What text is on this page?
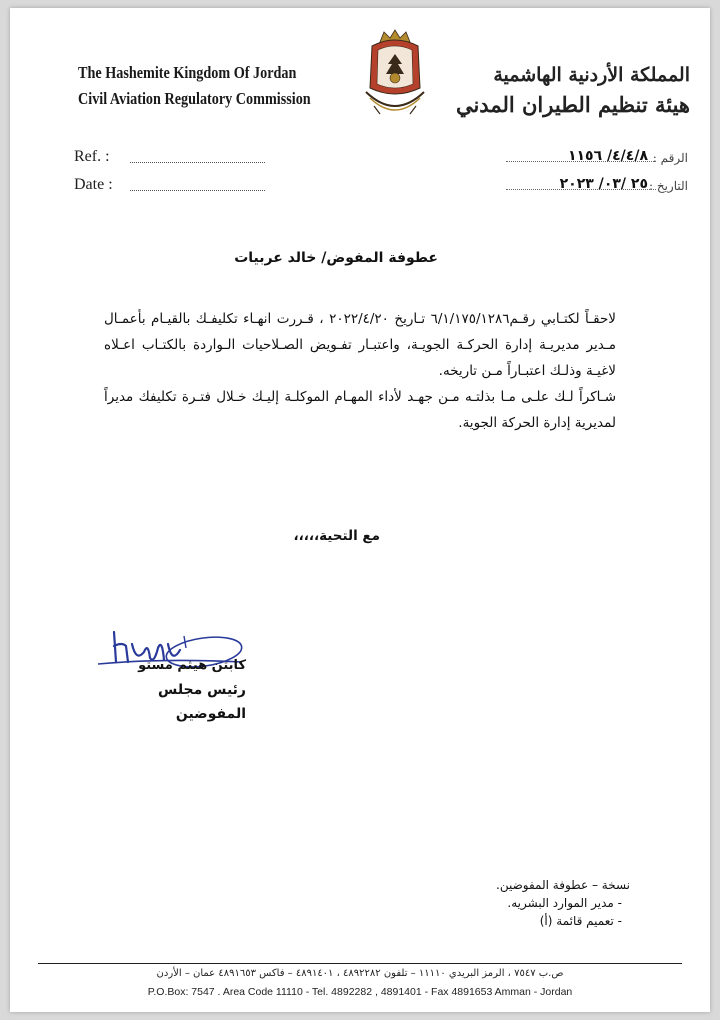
The Hashemite Kingdom Of Jordan
Civil Aviation Regulatory Commission
المملكة الأردنية الهاشمية
هيئة تنظيم الطيران المدني
Ref. :
Date :
الرقم :
٤/٤/٨/ ١١٥٦
التاريخ :
٢٥ /٠٣/ ٢٠٢٣
عطوفة المفوض/ خالد عربيات

لاحقـاً لكتـابي رقـم٦/١/١٧٥/١٢٨٦ تـاريخ ٢٠٢٢/٤/٢٠ ، قـررت انهـاء تكليفـك بالقيـام بأعمـال مـدير مديريـة إدارة الحركـة الجويـة، واعتبـار تفـويض الصـلاحيات الـواردة بالكتـاب اعـلاه لاغيـة وذلـك اعتبـاراً مـن تاريخه.

شـاكراً لـك علـى مـا بذلتـه مـن جهـد لأداء المهـام الموكلـة إليـك خـلال فتـرة تكليفك مديراً لمديرية إدارة الحركة الجوية.

مع التحية،،،،،
كابتن هيثم مستو
رئيس مجلس المفوضين
نسخة – عطوفة المفوضين.
- مدير الموارد البشريه.
- تعميم قائمة (أ)
ص.ب ٧٥٤٧ ، الرمز البريدي ١١١١٠ – تلفون ٤٨٩٢٢٨٢ ، ٤٨٩١٤٠١ – فاكس ٤٨٩١٦٥٣ عمان – الأردن
P.O.Box: 7547 . Area Code 11110 - Tel. 4892282 , 4891401 - Fax 4891653 Amman - Jordan
